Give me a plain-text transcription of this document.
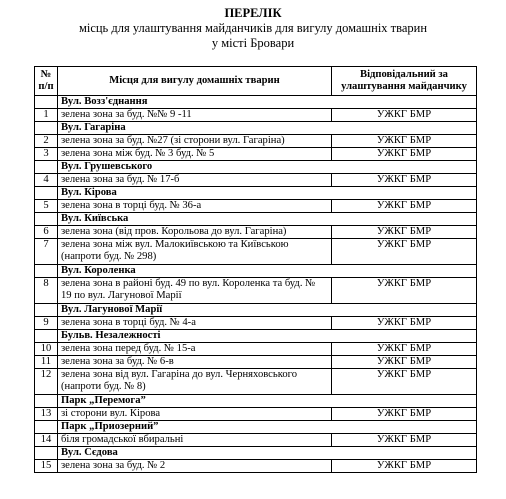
ПЕРЕЛІК
місць для улаштування майданчиків для вигулу домашніх тварин
у місті Бровари
№ п/п	Місця для вигулу домашніх тварин	Відповідальний за улаштування майданчику
	Вул. Возз'єднання	
1	зелена зона за буд. №№ 9 -11	УЖКГ БМР
	Вул. Гагаріна	
2	зелена зона за буд. №27 (зі сторони вул. Гагаріна)	УЖКГ БМР
3	зелена зона між буд. № 3 буд. № 5	УЖКГ БМР
	Вул. Грушевського	
4	зелена зона за буд. № 17-б	УЖКГ БМР
	Вул. Кірова	
5	зелена зона в торці буд. № 36-а	УЖКГ БМР
	Вул. Київська	
6	зелена зона (від пров. Корольова до вул. Гагаріна)	УЖКГ БМР
7	зелена зона між вул. Малокиївською та Київською (напроти буд. № 298)	УЖКГ БМР
	Вул. Короленка	
8	зелена зона в районі буд. 49 по вул. Короленка та буд. № 19 по вул. Лагунової Марії	УЖКГ БМР
	Вул. Лагунової Марії	
9	зелена зона в торці буд. № 4-а	УЖКГ БМР
	Бульв. Незалежності	
10	зелена зона перед буд. № 15-а	УЖКГ БМР
11	зелена зона за буд. № 6-в	УЖКГ БМР
12	зелена зона від вул. Гагаріна до вул. Черняховського (напроти буд. № 8)	УЖКГ БМР
	Парк „Перемога”	
13	зі сторони вул. Кірова	УЖКГ БМР
	Парк „Приозерний”	
14	біля громадської вбиральні	УЖКГ БМР
	Вул. Сєдова	
15	зелена зона за буд. № 2	УЖКГ БМР
